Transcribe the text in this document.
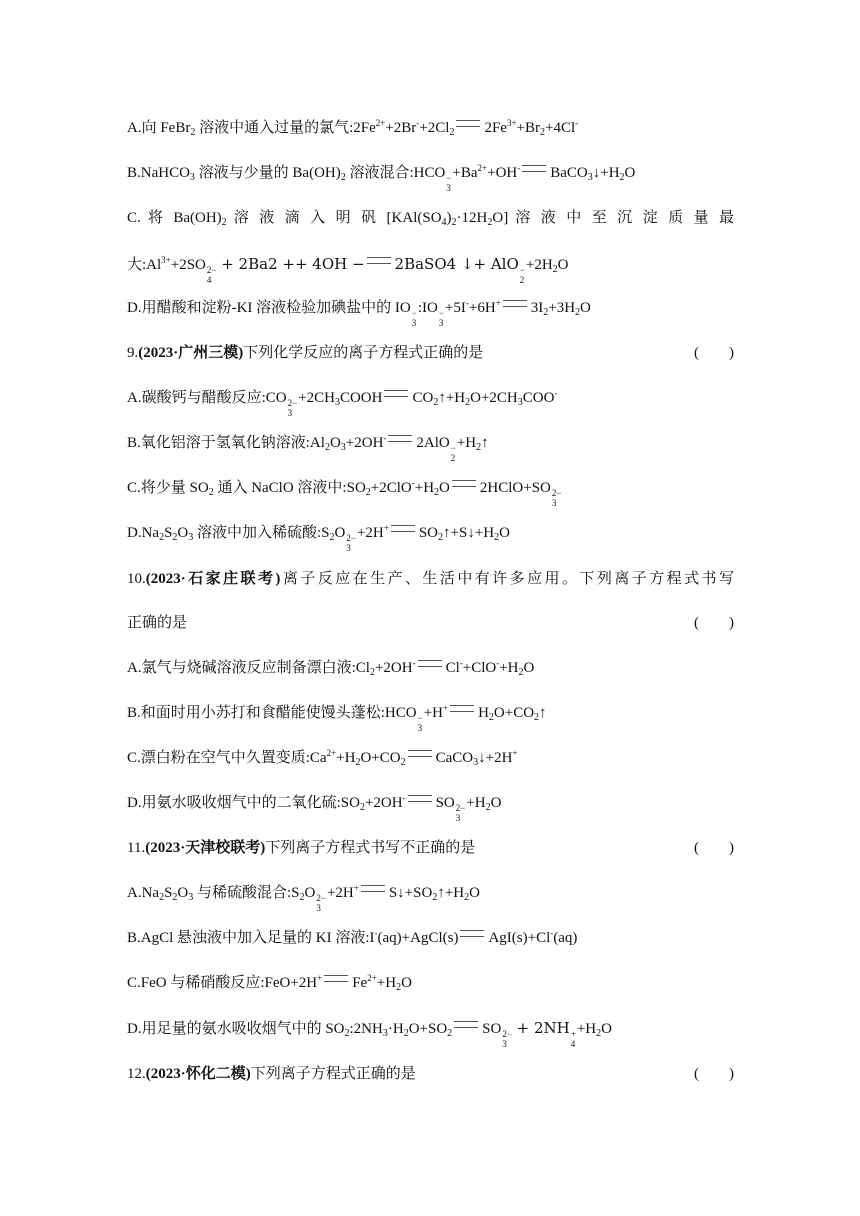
A.向 FeBr$_2$ 溶液中通入过量的氯气$:2Fe^{2+}+2Br^-+2Cl_2$ $2Fe^{3+}+Br_2+4Cl^-$
B.NaHCO$_3$ 溶液与少量的 $Ba(OH)_2$ 溶液混合:HCO −
3
$+Ba^{2+}+OH^-$ $BaCO_3↓+H_2O$
C. 将 $Ba(OH)_2$ 溶 液 滴 入 明 矾 $[KAl(SO_4)_2\cdot 12H_2O]$ 溶 液 中 至 沉 淀 质 量 最
大$:Al^{3+}+2SO$ 2−
4
+ 2Ba2 ++ 4OH − 2BaSO4 ↓+ AlO −
2
$+2H_2O$
D.用醋酸和淀粉-KI 溶液检验加碘盐中的 IO −
3
:IO −
3
+5I-+6H+ $3I_2+3H_2O$
9.(2023·广州三模)下列化学反应的离子方程式正确的是	(　　)
A.碳酸钙与醋酸反应:CO 2−
3
$+2CH_3COOH$ $CO_2↑+H_2O+2CH_3COO^-$
B.氧化铝溶于氢氧化钠溶液$:Al_2O_3+2OH^-$ 2AlO −
2
$+H_2↑$
C.将少量 $SO_2$ 通入 NaClO 溶液中$:SO_2+2ClO^-+H_2O$ 2HClO+SO 2−
3
$D.Na_2S_2O_3$ 溶液中加入稀硫酸$:S_2O$ 2−
3
+2H+ $SO_2↑+S↓+H_2O$
10.(2023·石家庄联考)离子反应在生产、生活中有许多应用。下列离子方程式书写
正确的是	(　　)
A.氯气与烧碱溶液反应制备漂白液$:Cl_2+2OH^-$ $Cl^-+ClO^-+H_2O$
B.和面时用小苏打和食醋能使馒头蓬松:HCO −
3
+H+ $H_2O+CO_2↑$
C.漂白粉在空气中久置变质$:Ca^{2+}+H_2O+CO_2$ CaCO$_3$↓+2H+
D.用氨水吸收烟气中的二氧化硫$:SO_2+2OH^-$ SO 2−
3
$+H_2O$
11.(2023·天津校联考)下列离子方程式书写不正确的是	(　　)
$A.Na_2S_2O_3$ 与稀硫酸混合$:S_2O$ 2−
3
+2H+ $S↓+SO_2↑+H_2O$
B.AgCl 悬浊液中加入足量的 KI 溶液:I-(aq)+AgCl(s) AgI(s)+Cl-(aq)
C.FeO 与稀硝酸反应:FeO+2H+ $Fe^{2+}+H_2O$
D.用足量的氨水吸收烟气中的 $SO_2:2NH_3\cdot H_2O+SO_2$ SO 2−
3
+ 2NH +
4
$+H_2O$
12.(2023·怀化二模)下列离子方程式正确的是	(　　)
